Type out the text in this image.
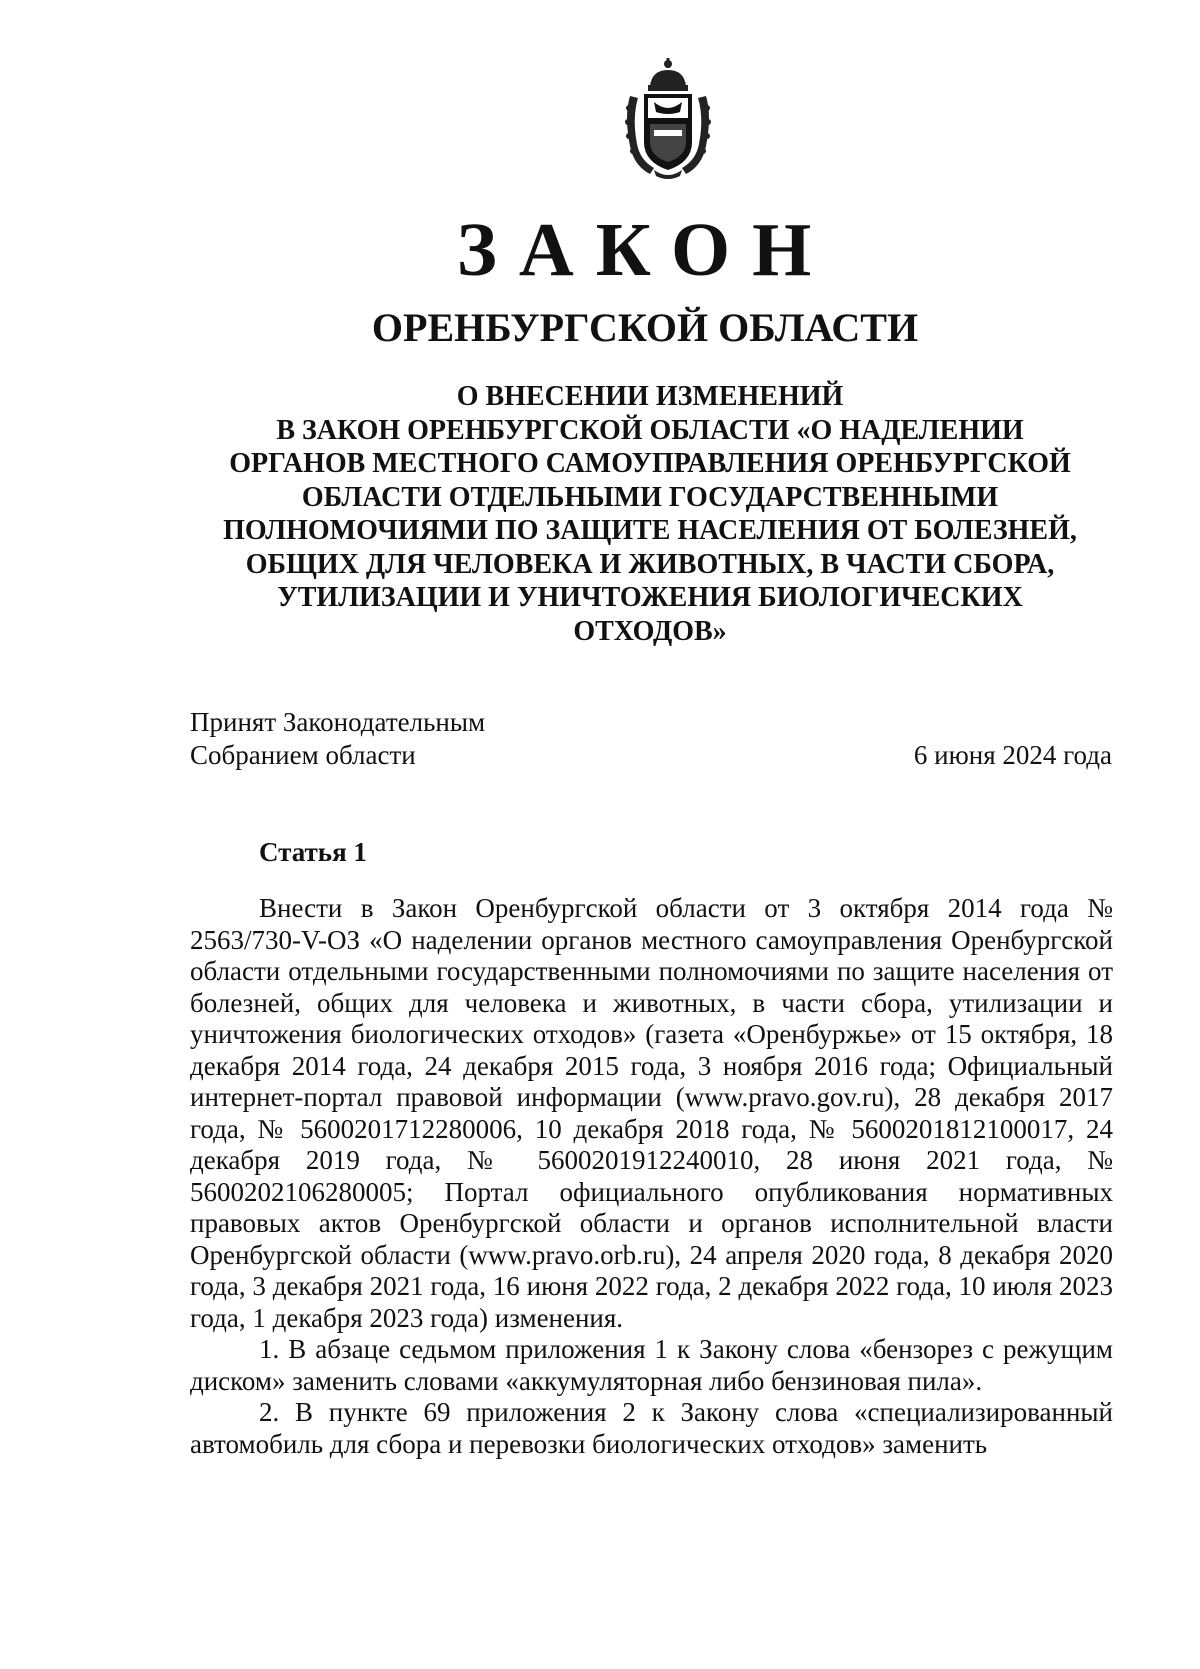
ЗАКОН
ОРЕНБУРГСКОЙ ОБЛАСТИ
О ВНЕСЕНИИ ИЗМЕНЕНИЙ
В ЗАКОН ОРЕНБУРГСКОЙ ОБЛАСТИ «О НАДЕЛЕНИИ
ОРГАНОВ МЕСТНОГО САМОУПРАВЛЕНИЯ ОРЕНБУРГСКОЙ
ОБЛАСТИ ОТДЕЛЬНЫМИ ГОСУДАРСТВЕННЫМИ
ПОЛНОМОЧИЯМИ ПО ЗАЩИТЕ НАСЕЛЕНИЯ ОТ БОЛЕЗНЕЙ,
ОБЩИХ ДЛЯ ЧЕЛОВЕКА И ЖИВОТНЫХ, В ЧАСТИ СБОРА,
УТИЛИЗАЦИИ И УНИЧТОЖЕНИЯ БИОЛОГИЧЕСКИХ
ОТХОДОВ»
Принят Законодательным
Собранием области	6 июня 2024 года
Статья 1

Внести в Закон Оренбургской области от 3 октября 2014 года № 2563/730-V-ОЗ «О наделении органов местного самоуправления Оренбургской области отдельными государственными полномочиями по защите населения от болезней, общих для человека и животных, в части сбора, утилизации и уничтожения биологических отходов» (газета «Оренбуржье» от 15 октября, 18 декабря 2014 года, 24 декабря 2015 года, 3 ноября 2016 года; Официальный интернет-портал правовой информации (www.pravo.gov.ru), 28 декабря 2017 года, № 5600201712280006, 10 декабря 2018 года, № 5600201812100017, 24 декабря 2019 года, № 5600201912240010, 28 июня 2021 года, № 5600202106280005; Портал официального опубликования нормативных правовых актов Оренбургской области и органов исполнительной власти Оренбургской области (www.pravo.orb.ru), 24 апреля 2020 года, 8 декабря 2020 года, 3 декабря 2021 года, 16 июня 2022 года, 2 декабря 2022 года, 10 июля 2023 года, 1 декабря 2023 года) изменения.

1. В абзаце седьмом приложения 1 к Закону слова «бензорез с режущим диском» заменить словами «аккумуляторная либо бензиновая пила».

2. В пункте 69 приложения 2 к Закону слова «специализированный автомобиль для сбора и перевозки биологических отходов» заменить
